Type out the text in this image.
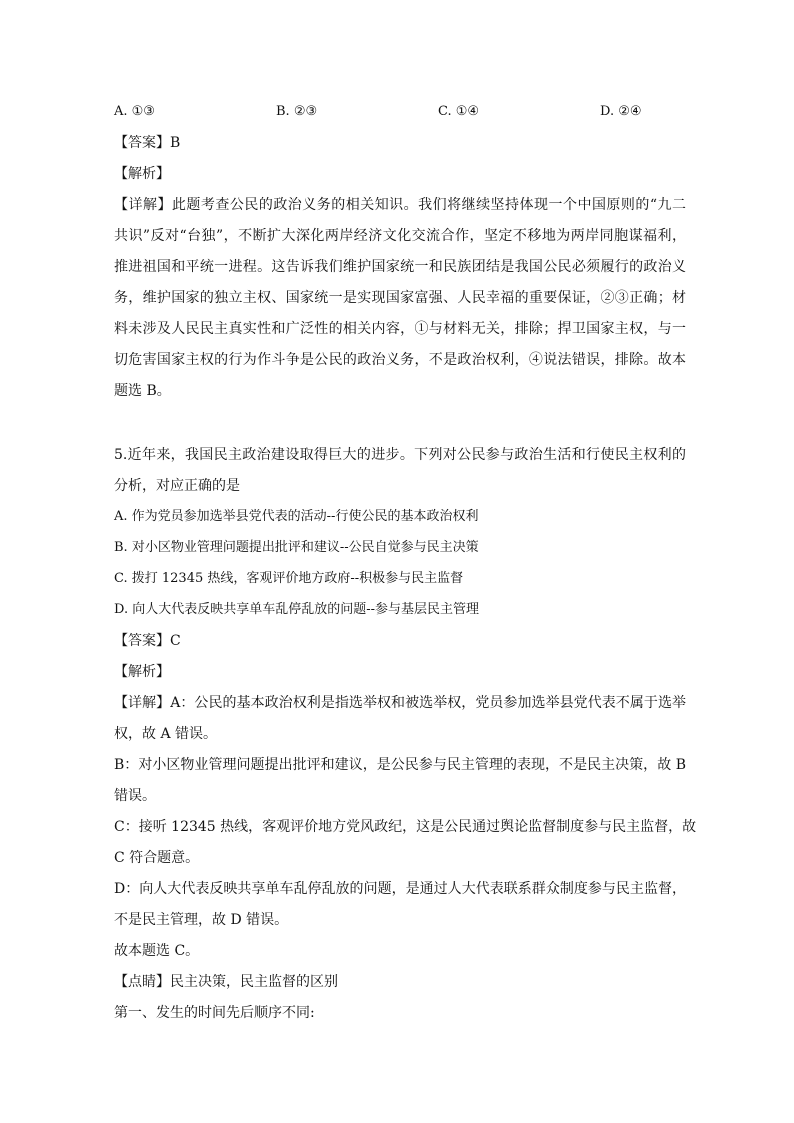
A. ①③	B. ②③	C. ①④	D. ②④
【答案】B
【解析】
【详解】此题考查公民的政治义务的相关知识。我们将继续坚持体现一个中国原则的“九二
共识”反对“台独”，不断扩大深化两岸经济文化交流合作，坚定不移地为两岸同胞谋福利，
推进祖国和平统一进程。这告诉我们维护国家统一和民族团结是我国公民必须履行的政治义
务，维护国家的独立主权、国家统一是实现国家富强、人民幸福的重要保证，②③正确；材
料未涉及人民民主真实性和广泛性的相关内容，①与材料无关，排除；捍卫国家主权，与一
切危害国家主权的行为作斗争是公民的政治义务，不是政治权利，④说法错误，排除。故本
题选 B。
5.近年来，我国民主政治建设取得巨大的进步。下列对公民参与政治生活和行使民主权利的
分析，对应正确的是
A. 作为党员参加选举县党代表的活动--行使公民的基本政治权利
B. 对小区物业管理问题提出批评和建议--公民自觉参与民主决策
C. 拨打 12345 热线，客观评价地方政府--积极参与民主监督
D. 向人大代表反映共享单车乱停乱放的问题--参与基层民主管理
【答案】C
【解析】
【详解】A：公民的基本政治权利是指选举权和被选举权，党员参加选举县党代表不属于选举
权，故 A 错误。
B：对小区物业管理问题提出批评和建议，是公民参与民主管理的表现，不是民主决策，故 B
错误。
C：接听 12345 热线，客观评价地方党风政纪，这是公民通过舆论监督制度参与民主监督，故
C 符合题意。
D：向人大代表反映共享单车乱停乱放的问题，是通过人大代表联系群众制度参与民主监督，
不是民主管理，故 D 错误。
故本题选 C。
【点睛】民主决策，民主监督的区别
第一、发生的时间先后顺序不同:
